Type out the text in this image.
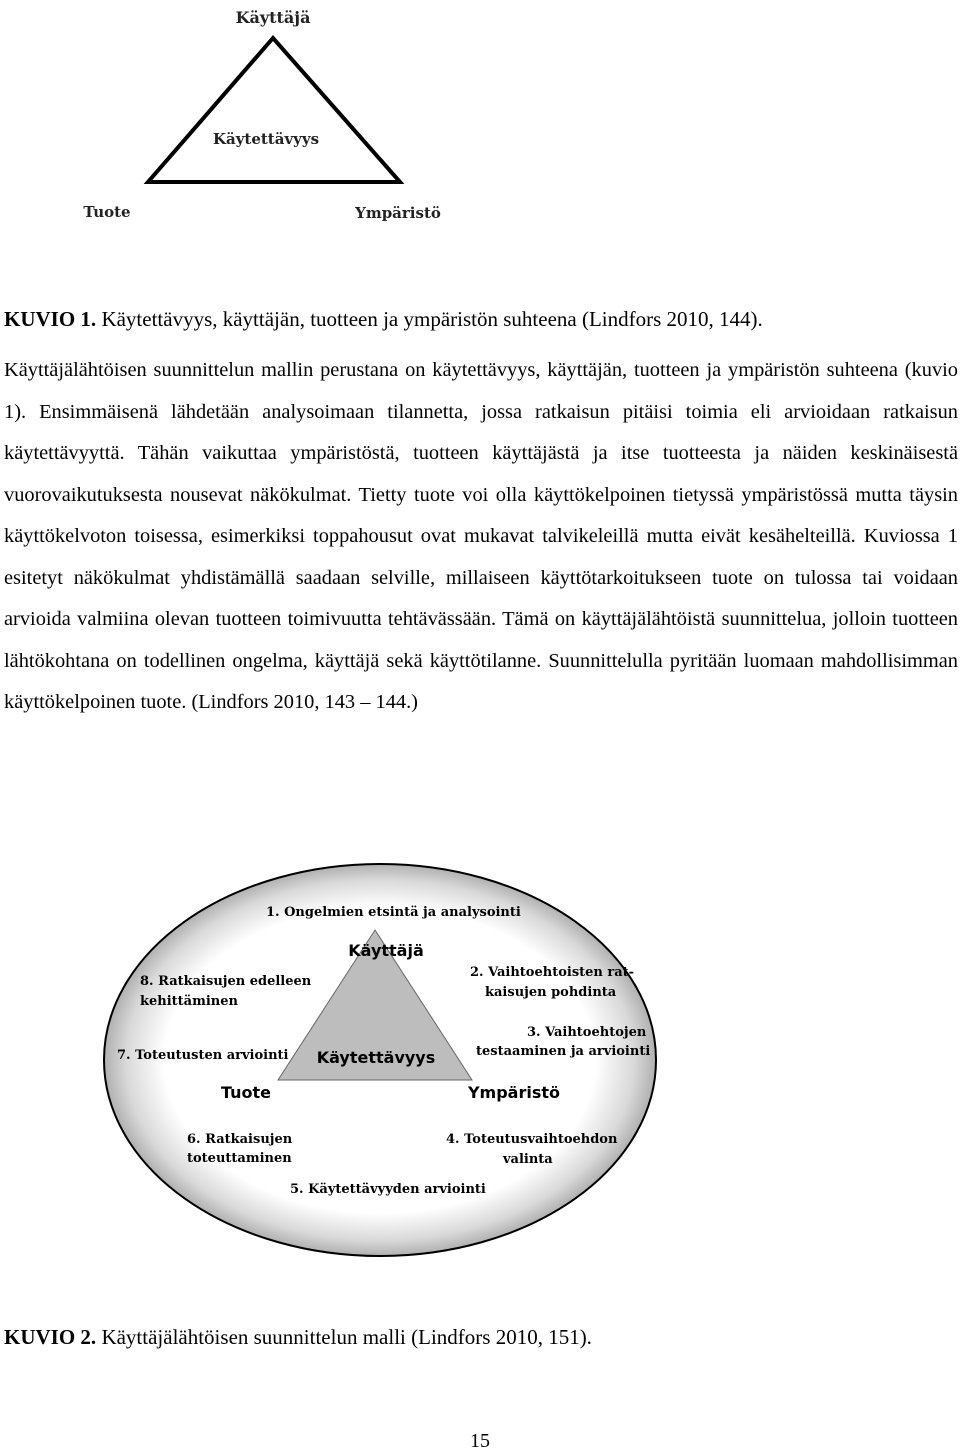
Käyttäjä
Käytettävyys
Tuote	Ympäristö
KUVIO 1. Käytettävyys, käyttäjän, tuotteen ja ympäristön suhteena (Lindfors 2010, 144).
Käyttäjälähtöisen suunnittelun mallin perustana on käytettävyys, käyttäjän, tuotteen ja ympäristön suhteena (kuvio 1). Ensimmäisenä lähdetään analysoimaan tilannetta, jossa ratkaisun pitäisi toimia eli arvioidaan ratkaisun käytettävyyttä. Tähän vaikuttaa ympäristöstä, tuotteen käyttäjästä ja itse tuotteesta ja näiden keskinäisestä vuorovaikutuksesta nousevat näkökulmat. Tietty tuote voi olla käyttökelpoinen tietyssä ympäristössä mutta täysin käyttökelvoton toisessa, esimerkiksi toppahousut ovat mukavat talvikeleillä mutta eivät kesähelteillä. Kuviossa 1 esitetyt näkökulmat yhdistämällä saadaan selville, millaiseen käyttötarkoitukseen tuote on tulossa tai voidaan arvioida valmiina olevan tuotteen toimivuutta tehtävässään. Tämä on käyttäjälähtöistä suunnittelua, jolloin tuotteen lähtökohtana on todellinen ongelma, käyttäjä sekä käyttötilanne. Suunnittelulla pyritään luomaan mahdollisimman käyttökelpoinen tuote. (Lindfors 2010, 143 – 144.)
Käyttäjä
Käytettävyys
Tuote	Ympäristö
1. Ongelmien etsintä ja analysointi
2. Vaihtoehtoisten rat-
kaisujen pohdinta
3. Vaihtoehtojen
testaaminen ja arviointi
4. Toteutusvaihtoehdon
valinta
5. Käytettävyyden arviointi
6. Ratkaisujen
toteuttaminen
7. Toteutusten arviointi
8. Ratkaisujen edelleen
kehittäminen
KUVIO 2. Käyttäjälähtöisen suunnittelun malli (Lindfors 2010, 151).
15
